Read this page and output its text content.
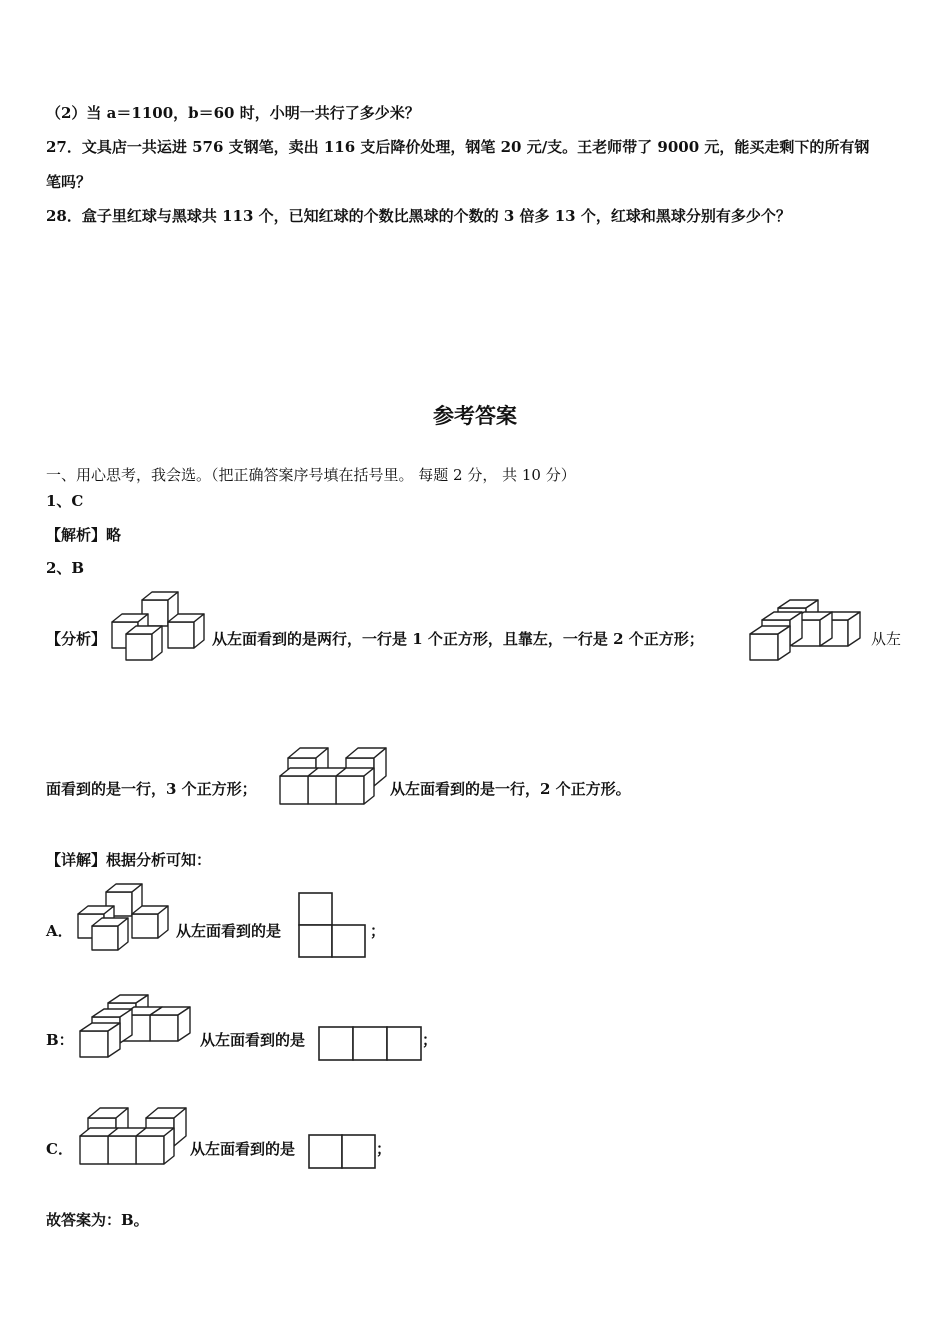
（2）当 a＝1100，b＝60 时，小明一共行了多少米？
27．文具店一共运进 576 支钢笔，卖出 116 支后降价处理，钢笔 20 元/支。王老师带了 9000 元，能买走剩下的所有钢
笔吗？
28．盒子里红球与黑球共 113 个，已知红球的个数比黑球的个数的 3 倍多 13 个，红球和黑球分别有多少个？
参考答案
一、用心思考，我会选。（把正确答案序号填在括号里。 每题 2 分， 共 10 分）
1、C
【解析】略
2、B
【分析】	从左面看到的是两行，一行是 1 个正方形，且靠左，一行是 2 个正方形；	从左
面看到的是一行，3 个正方形；	从左面看到的是一行，2 个正方形。
【详解】根据分析可知：
A．	从左面看到的是	；
B：	从左面看到的是	；
C．	从左面看到的是	；
故答案为：B。
